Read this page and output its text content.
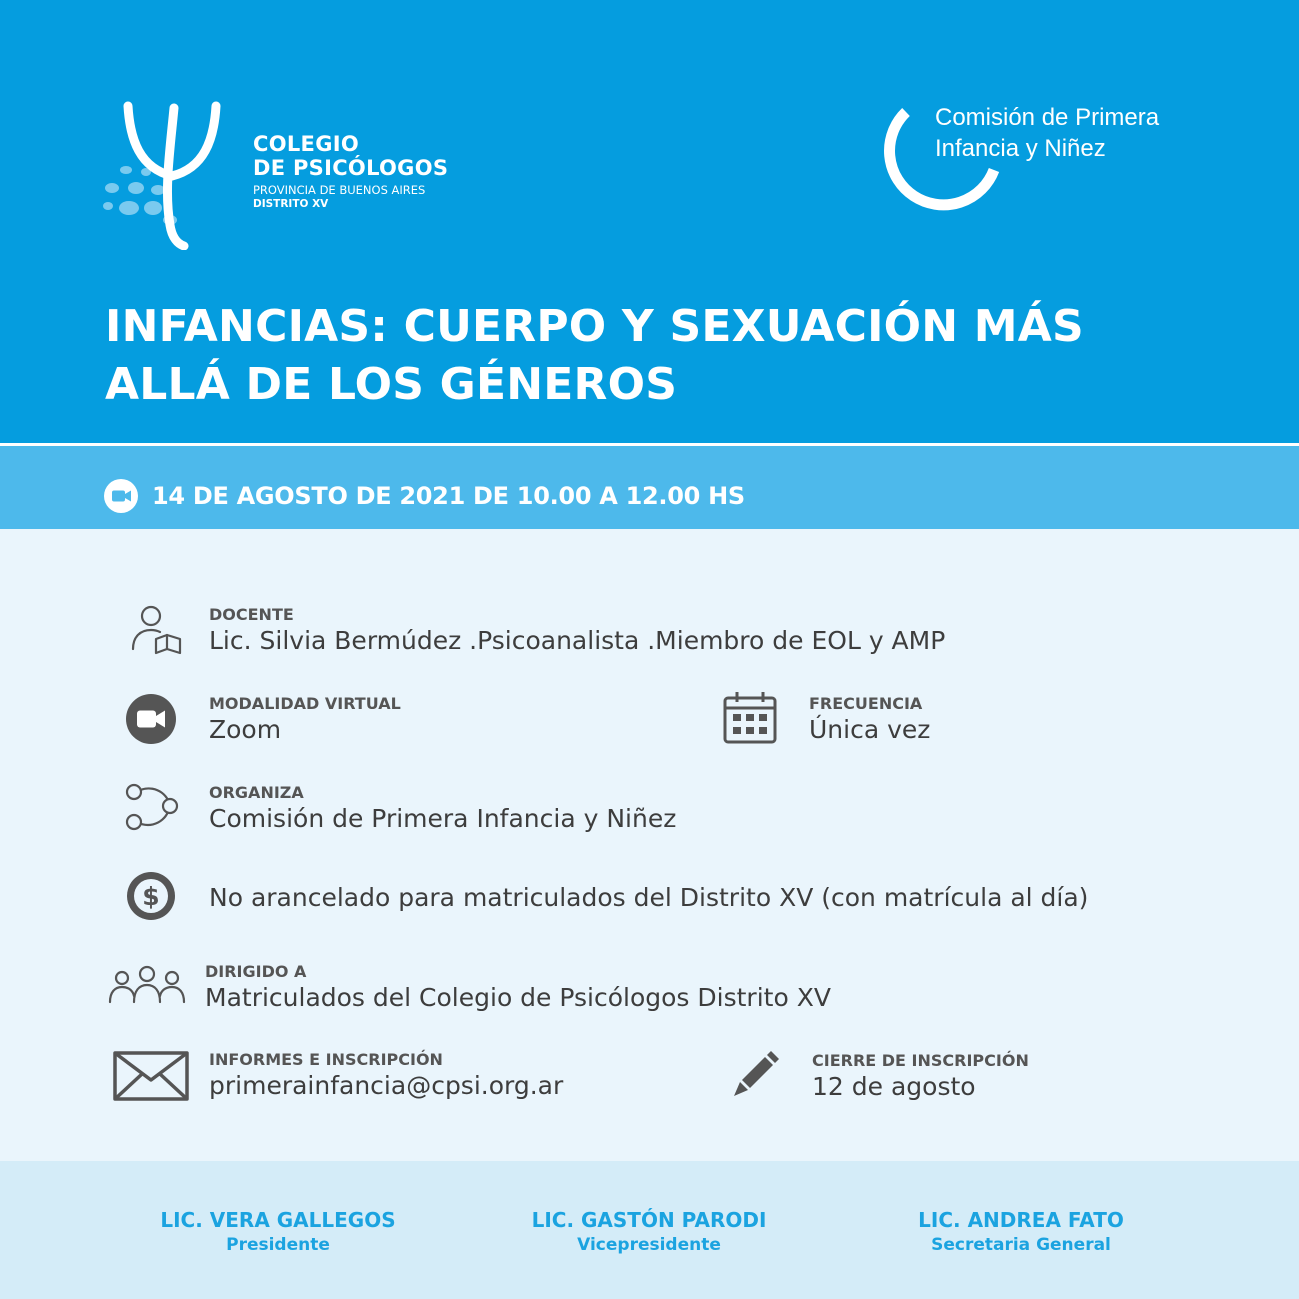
COLEGIO
DE PSICÓLOGOS
PROVINCIA DE BUENOS AIRES
DISTRITO XV
Comisión de Primera
Infancia y Niñez
INFANCIAS: CUERPO Y SEXUACIÓN MÁS
ALLÁ DE LOS GÉNEROS
14 DE AGOSTO DE 2021 DE 10.00 A 12.00 HS
DOCENTE
Lic. Silvia Bermúdez .Psicoanalista .Miembro de EOL y AMP
MODALIDAD VIRTUAL
Zoom
FRECUENCIA
Única vez
ORGANIZA
Comisión de Primera Infancia y Niñez
$ No arancelado para matriculados del Distrito XV (con matrícula al día)
DIRIGIDO A
Matriculados del Colegio de Psicólogos Distrito XV
INFORMES E INSCRIPCIÓN
primerainfancia@cpsi.org.ar
CIERRE DE INSCRIPCIÓN
12 de agosto
LIC. VERA GALLEGOS
Presidente
LIC. GASTÓN PARODI
Vicepresidente
LIC. ANDREA FATO
Secretaria General
